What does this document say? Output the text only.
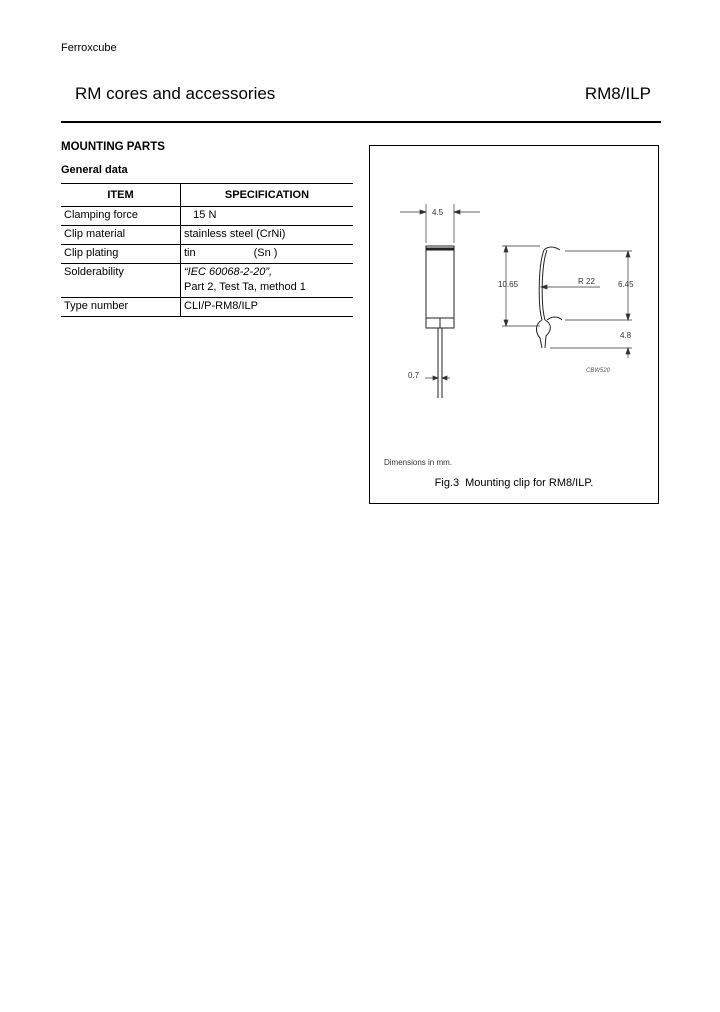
Ferroxcube
RM cores and accessories	RM8/ILP
MOUNTING PARTS
General data
ITEM	SPECIFICATION
Clamping force	15 N
Clip material	stainless steel (CrNi)
Clip plating	tin (Sn )
Solderability	“IEC 60068-2-20”,
Part 2, Test Ta, method 1
Type number	CLI/P-RM8/ILP
4.5
0.7
R 22
10.65	6.45
4.8
CBW520
Dimensions in mm.
Fig.3 Mounting clip for RM8/ILP.
